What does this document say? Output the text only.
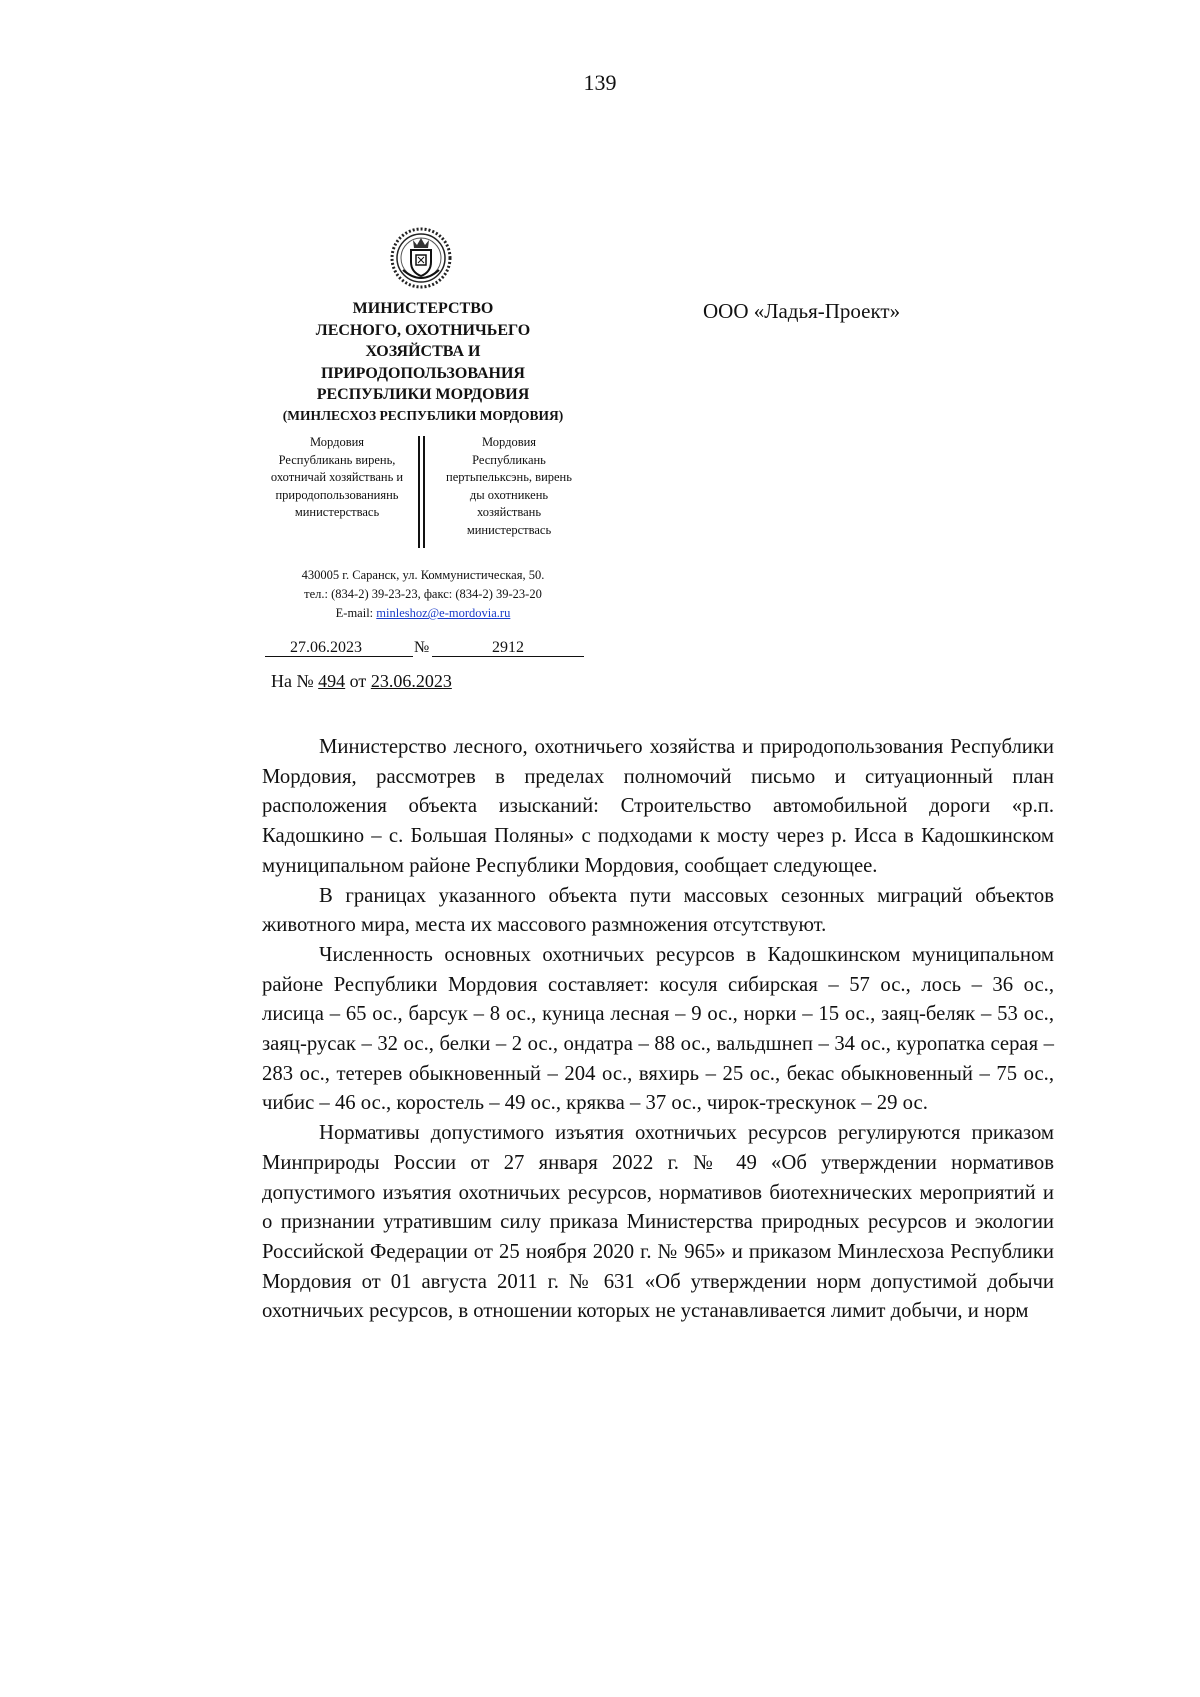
139

МИНИСТЕРСТВО

ЛЕСНОГО, ОХОТНИЧЬЕГО

ХОЗЯЙСТВА И

ПРИРОДОПОЛЬЗОВАНИЯ

РЕСПУБЛИКИ МОРДОВИЯ

(МИНЛЕСХОЗ РЕСПУБЛИКИ МОРДОВИЯ)

Мордовия
Республикань вирень,
охотничай хозяйствань и
природопользованиянь
министерствась
Мордовия
Республикань
пертьпельксэнь, вирень
ды охотникень
хозяйствань
министерствась
430005 г. Саранск, ул. Коммунистическая, 50.
тел.: (834-2) 39-23-23, факс: (834-2) 39-23-20
E-mail: minleshoz@e-mordovia.ru
27.06.2023	№	2912
На № 494 от 23.06.2023
ООО «Ладья-Проект»

Министерство лесного, охотничьего хозяйства и природопользования Республики Мордовия, рассмотрев в пределах полномочий письмо и ситуационный план расположения объекта изысканий: Строительство автомобильной дороги «р.п. Кадошкино – с. Большая Поляны» с подходами к мосту через р. Исса в Кадошкинском муниципальном районе Республики Мордовия, сообщает следующее.

В границах указанного объекта пути массовых сезонных миграций объектов животного мира, места их массового размножения отсутствуют.

Численность основных охотничьих ресурсов в Кадошкинском муниципальном районе Республики Мордовия составляет: косуля сибирская – 57 ос., лось – 36 ос., лисица – 65 ос., барсук – 8 ос., куница лесная – 9 ос., норки – 15 ос., заяц-беляк – 53 ос., заяц-русак – 32 ос., белки – 2 ос., ондатра – 88 ос., вальдшнеп – 34 ос., куропатка серая – 283 ос., тетерев обыкновенный – 204 ос., вяхирь – 25 ос., бекас обыкновенный – 75 ос., чибис – 46 ос., коростель – 49 ос., кряква – 37 ос., чирок-трескунок – 29 ос.

Нормативы допустимого изъятия охотничьих ресурсов регулируются приказом Минприроды России от 27 января 2022 г. № 49 «Об утверждении нормативов допустимого изъятия охотничьих ресурсов, нормативов биотехнических мероприятий и о признании утратившим силу приказа Министерства природных ресурсов и экологии Российской Федерации от 25 ноября 2020 г. № 965» и приказом Минлесхоза Республики Мордовия от 01 августа 2011 г. № 631 «Об утверждении норм допустимой добычи охотничьих ресурсов, в отношении которых не устанавливается лимит добычи, и норм
